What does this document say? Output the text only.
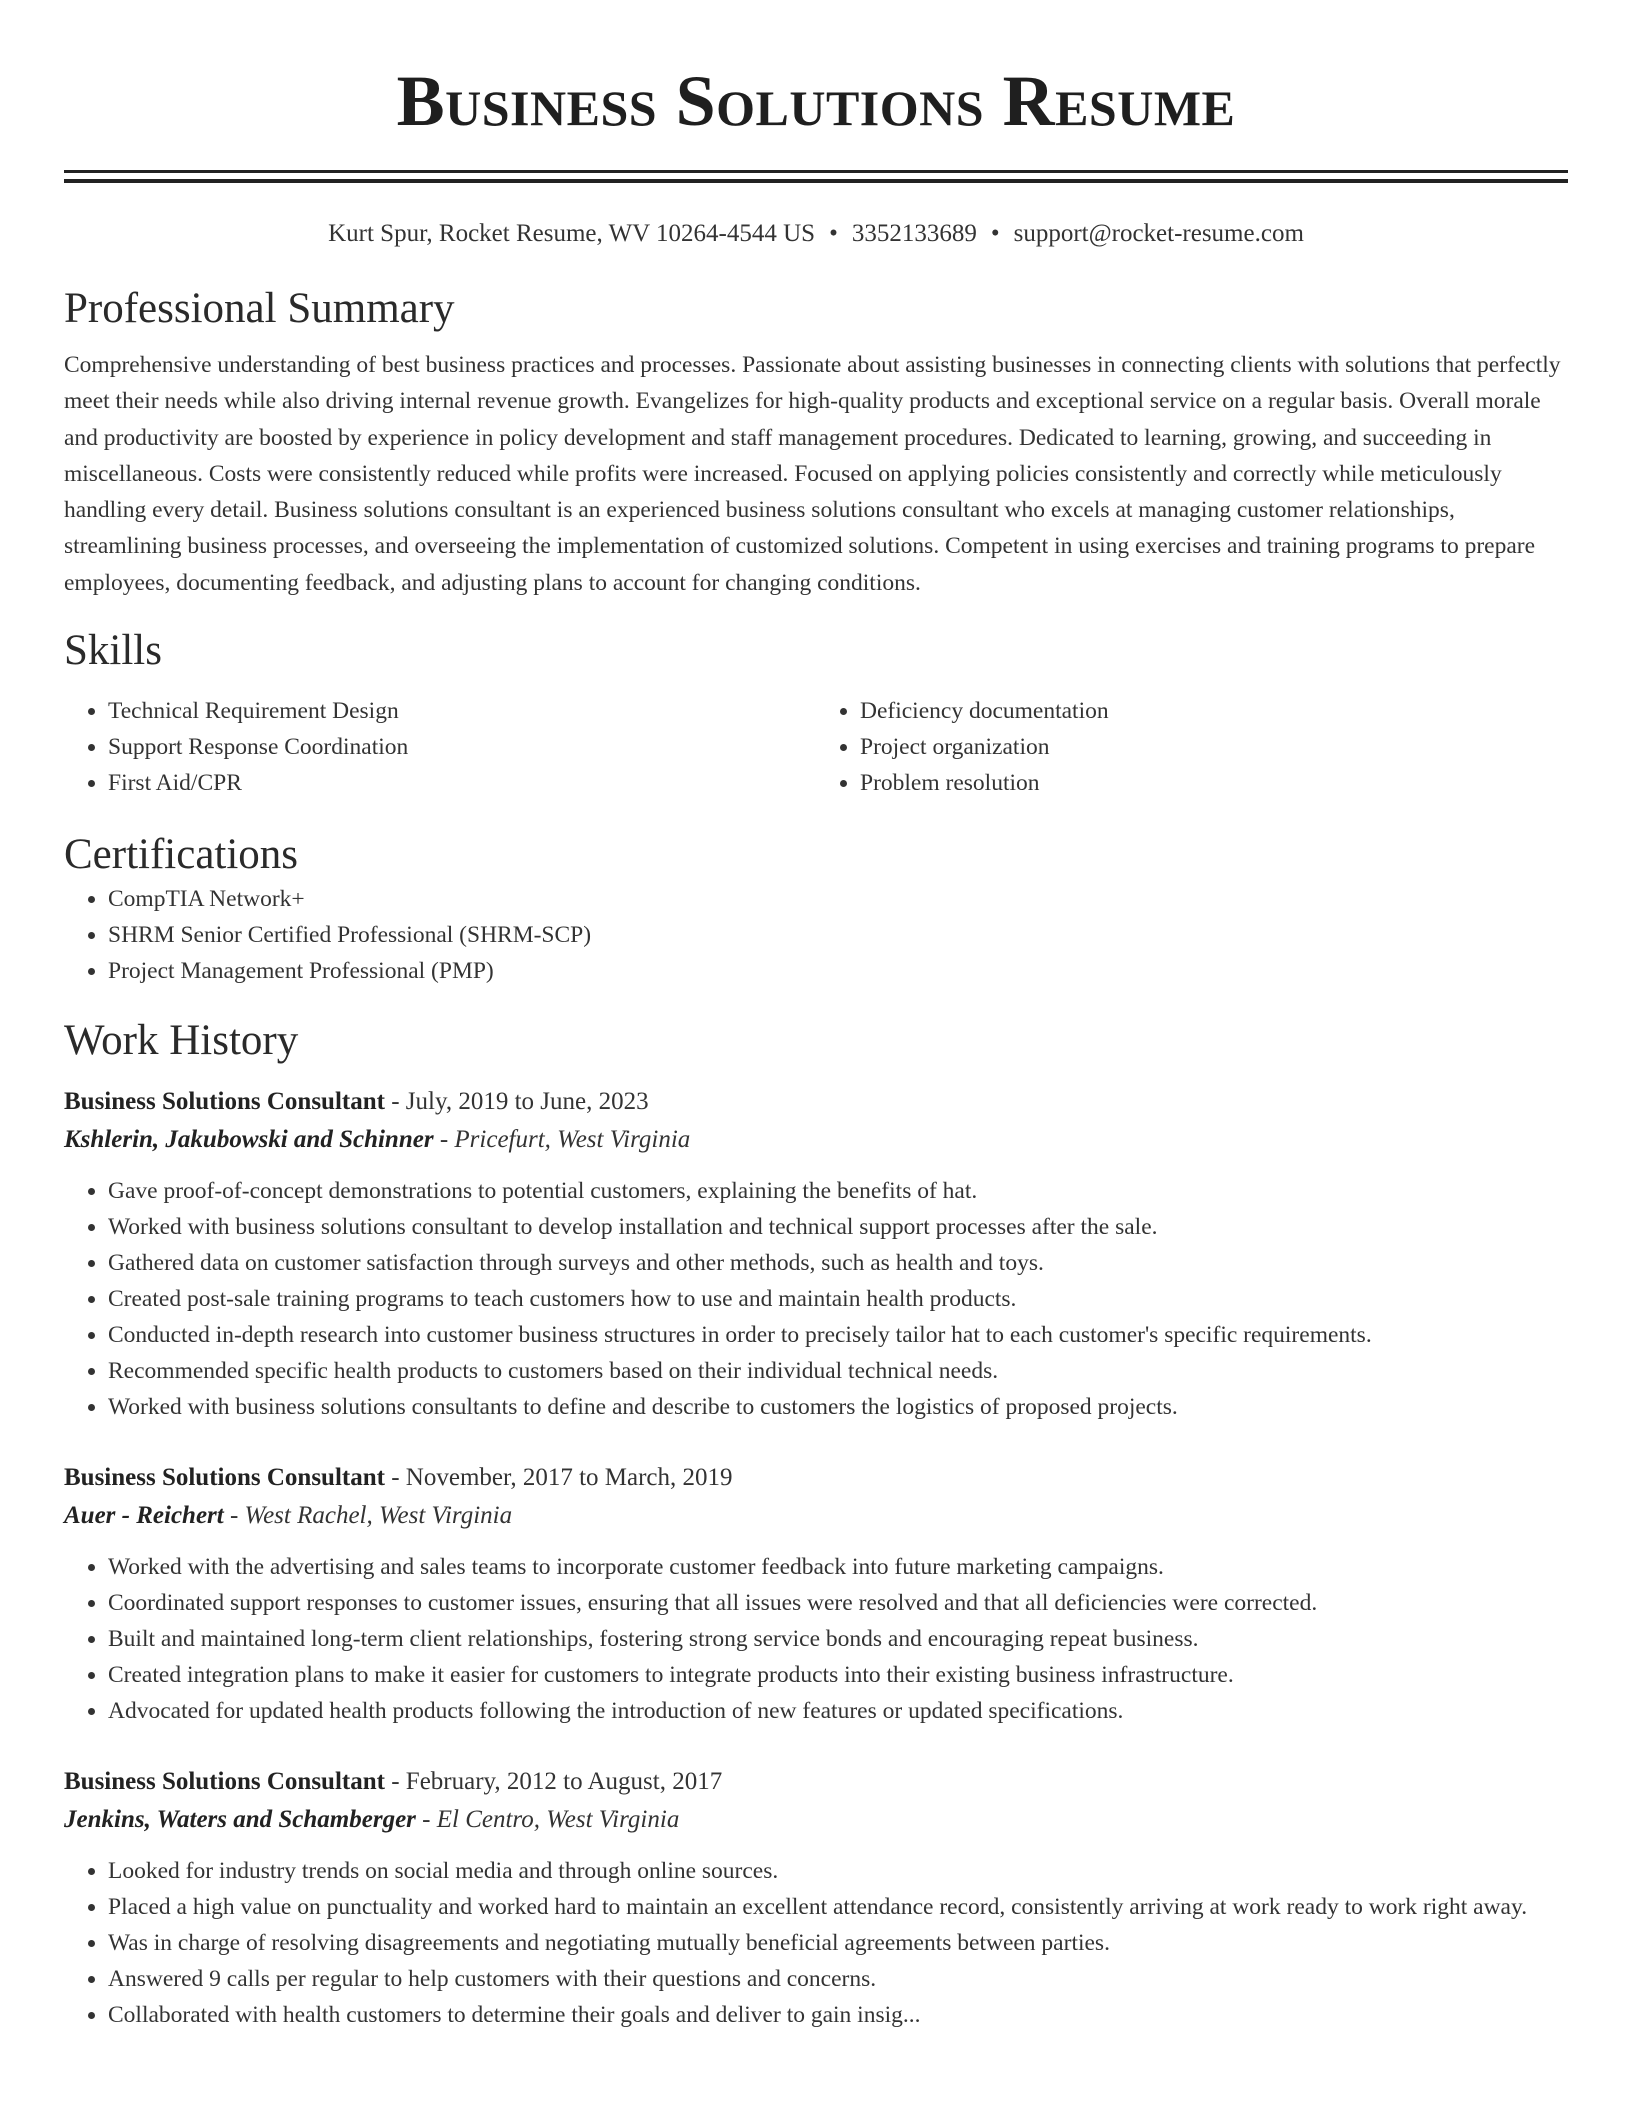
Business Solutions Resume
Kurt Spur, Rocket Resume, WV 10264-4544 US • 3352133689 • support@rocket-resume.com
Professional Summary
Comprehensive understanding of best business practices and processes. Passionate about assisting businesses in connecting clients with solutions that perfectly meet their needs while also driving internal revenue growth. Evangelizes for high-quality products and exceptional service on a regular basis. Overall morale and productivity are boosted by experience in policy development and staff management procedures. Dedicated to learning, growing, and succeeding in miscellaneous. Costs were consistently reduced while profits were increased. Focused on applying policies consistently and correctly while meticulously handling every detail. Business solutions consultant is an experienced business solutions consultant who excels at managing customer relationships, streamlining business processes, and overseeing the implementation of customized solutions. Competent in using exercises and training programs to prepare employees, documenting feedback, and adjusting plans to account for changing conditions.
Skills
• Technical Requirement Design
• Support Response Coordination
• First Aid/CPR
• Deficiency documentation
• Project organization
• Problem resolution
Certifications
• CompTIA Network+
• SHRM Senior Certified Professional (SHRM-SCP)
• Project Management Professional (PMP)
Work History
Business Solutions Consultant - July, 2019 to June, 2023
Kshlerin, Jakubowski and Schinner - Pricefurt, West Virginia
• Gave proof-of-concept demonstrations to potential customers, explaining the benefits of hat.
• Worked with business solutions consultant to develop installation and technical support processes after the sale.
• Gathered data on customer satisfaction through surveys and other methods, such as health and toys.
• Created post-sale training programs to teach customers how to use and maintain health products.
• Conducted in-depth research into customer business structures in order to precisely tailor hat to each customer's specific requirements.
• Recommended specific health products to customers based on their individual technical needs.
• Worked with business solutions consultants to define and describe to customers the logistics of proposed projects.
Business Solutions Consultant - November, 2017 to March, 2019
Auer - Reichert - West Rachel, West Virginia
• Worked with the advertising and sales teams to incorporate customer feedback into future marketing campaigns.
• Coordinated support responses to customer issues, ensuring that all issues were resolved and that all deficiencies were corrected.
• Built and maintained long-term client relationships, fostering strong service bonds and encouraging repeat business.
• Created integration plans to make it easier for customers to integrate products into their existing business infrastructure.
• Advocated for updated health products following the introduction of new features or updated specifications.
Business Solutions Consultant - February, 2012 to August, 2017
Jenkins, Waters and Schamberger - El Centro, West Virginia
• Looked for industry trends on social media and through online sources.
• Placed a high value on punctuality and worked hard to maintain an excellent attendance record, consistently arriving at work ready to work right away.
• Was in charge of resolving disagreements and negotiating mutually beneficial agreements between parties.
• Answered 9 calls per regular to help customers with their questions and concerns.
• Collaborated with health customers to determine their goals and deliver to gain insig...
